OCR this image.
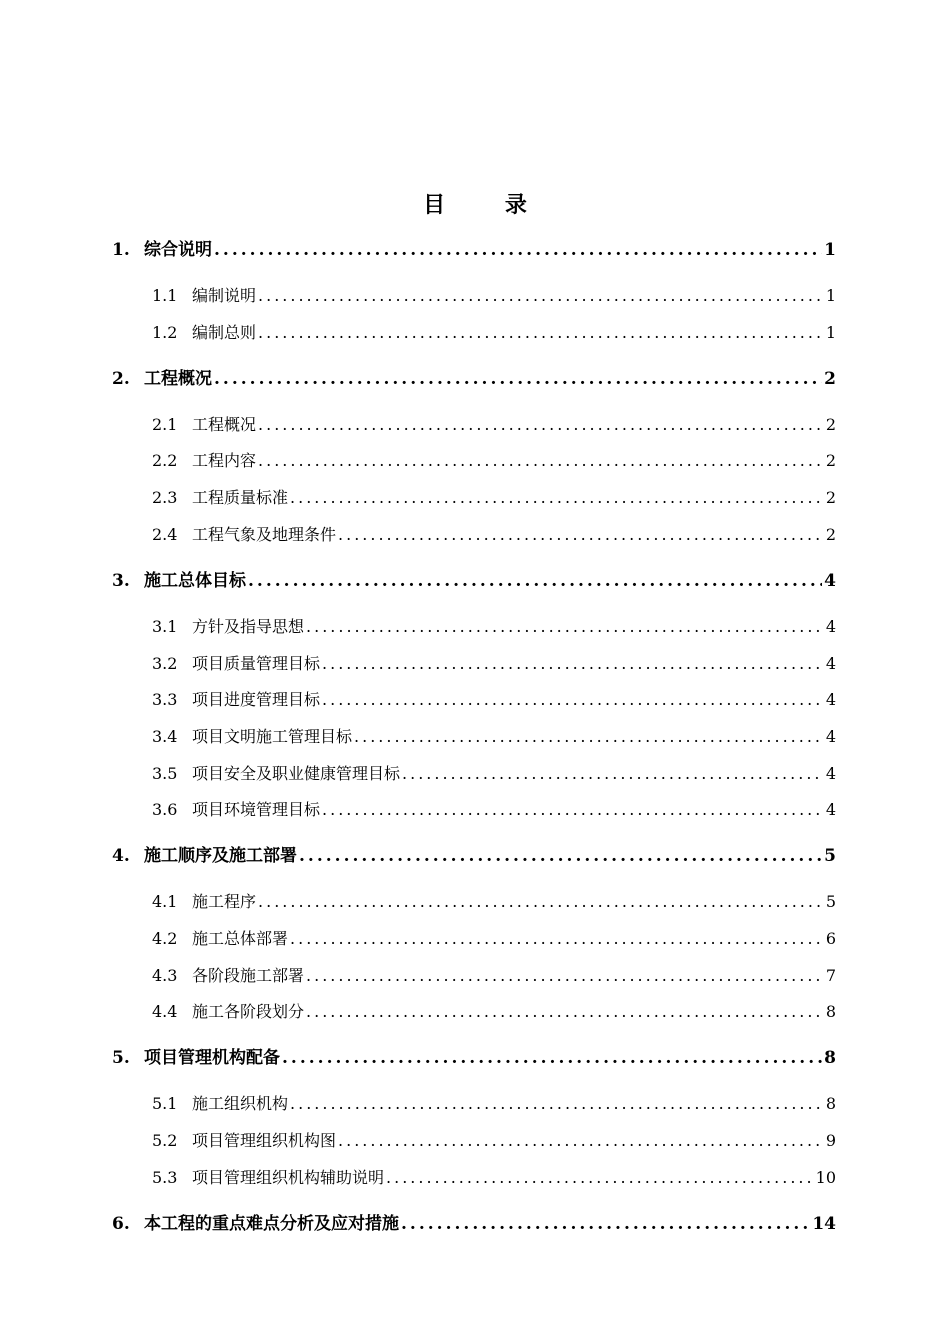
目 录
1. 综合说明 .....	1
1.1 编制说明 .....	1
1.2 编制总则 .....	1
2. 工程概况 .....	2
2.1 工程概况 .....	2
2.2 工程内容 .....	2
2.3 工程质量标准 .....	2
2.4 工程气象及地理条件 .....	2
3. 施工总体目标 .....	4
3.1 方针及指导思想 .....	4
3.2 项目质量管理目标 .....	4
3.3 项目进度管理目标 .....	4
3.4 项目文明施工管理目标 .....	4
3.5 项目安全及职业健康管理目标 .....	4
3.6 项目环境管理目标 .....	4
4. 施工顺序及施工部署 .....	5
4.1 施工程序 .....	5
4.2 施工总体部署 .....	6
4.3 各阶段施工部署 .....	7
4.4 施工各阶段划分 .....	8
5. 项目管理机构配备 .....	8
5.1 施工组织机构 .....	8
5.2 项目管理组织机构图 .....	9
5.3 项目管理组织机构辅助说明 .....	10
6. 本工程的重点难点分析及应对措施 .....	14
